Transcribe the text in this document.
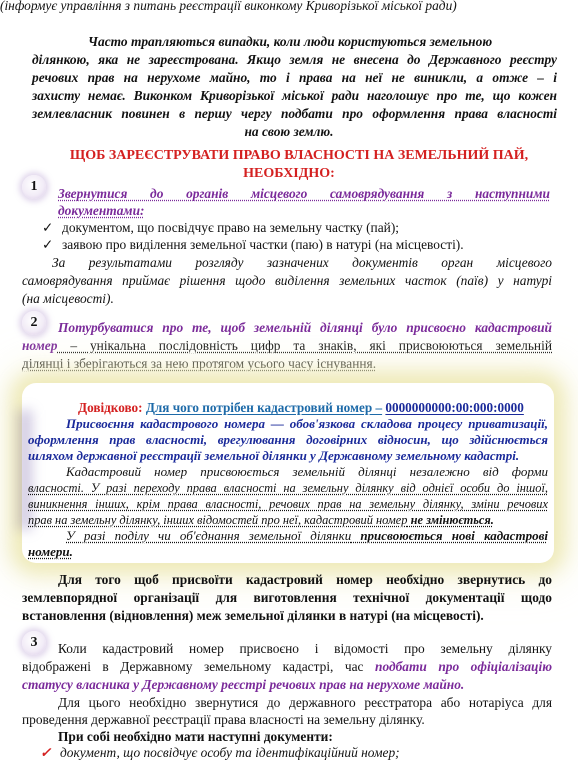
(інформує управління з питань реєстрації виконкому Криворізької міської ради)

Часто трапляються випадки, коли люди користуються земельною

ділянкою, яка не зареєстрована. Якщо земля не внесена до Державного реєстру

речових прав на нерухоме майно, то і права на неї не виникли, а отже – і

захисту немає. Виконком Криворізької міської ради наголошує про те, що кожен

землевласник повинен в першу чергу подбати про оформлення права власності

на свою землю.

ЩОБ ЗАРЕЄСТРУВАТИ ПРАВО ВЛАСНОСТІ НА ЗЕМЕЛЬНИЙ ПАЙ,

НЕОБХІДНО:

1	Звернутися до органів місцевого самоврядування з наступними

документами:

✓ документом, що посвідчує право на земельну частку (пай);

✓ заявою про виділення земельної частки (паю) в натурі (на місцевості).

За результатами розгляду зазначених документів орган місцевого

самоврядування приймає рішення щодо виділення земельних часток (паїв) у натурі

(на місцевості).

2	Потурбуватися про те, щоб земельній ділянці було присвоєно кадастровий

номер – унікальна послідовність цифр та знаків, які присвоюються земельній

ділянці і зберігаються за нею протягом усього часу існування.

Довідково: Для чого потрібен кадастровий номер – 0000000000:00:000:0000

Присвоєння кадастрового номера — обов'язкова складова процесу приватизації,

оформлення прав власності, врегулювання договірних відносин, що здійснюється

шляхом державної реєстрації земельної ділянки у Державному земельному кадастрі.

Кадастровий номер присвоюється земельній ділянці незалежно від форми

власності. У разі переходу права власності на земельну ділянку від однієї особи до іншої,

виникнення інших, крім права власності, речових прав на земельну ділянку, зміни речових

прав на земельну ділянку, інших відомостей про неї, кадастровий номер не змінюється.

У разі поділу чи об'єднання земельної ділянки присвоюється нові кадастрові

номери.

Для того щоб присвоїти кадастровий номер необхідно звернутись до

землевпорядної організації для виготовлення технічної документації щодо

встановлення (відновлення) меж земельної ділянки в натурі (на місцевості).

3	Коли кадастровий номер присвоєно і відомості про земельну ділянку

відображені в Державному земельному кадастрі, час подбати про офіціалізацію

статусу власника у Державному реєстрі речових прав на нерухоме майно.

Для цього необхідно звернутися до державного реєстратора або нотаріуса для

проведення державної реєстрації права власності на земельну ділянку.

При собі необхідно мати наступні документи:

✓ документ, що посвідчує особу та ідентифікаційний номер;
